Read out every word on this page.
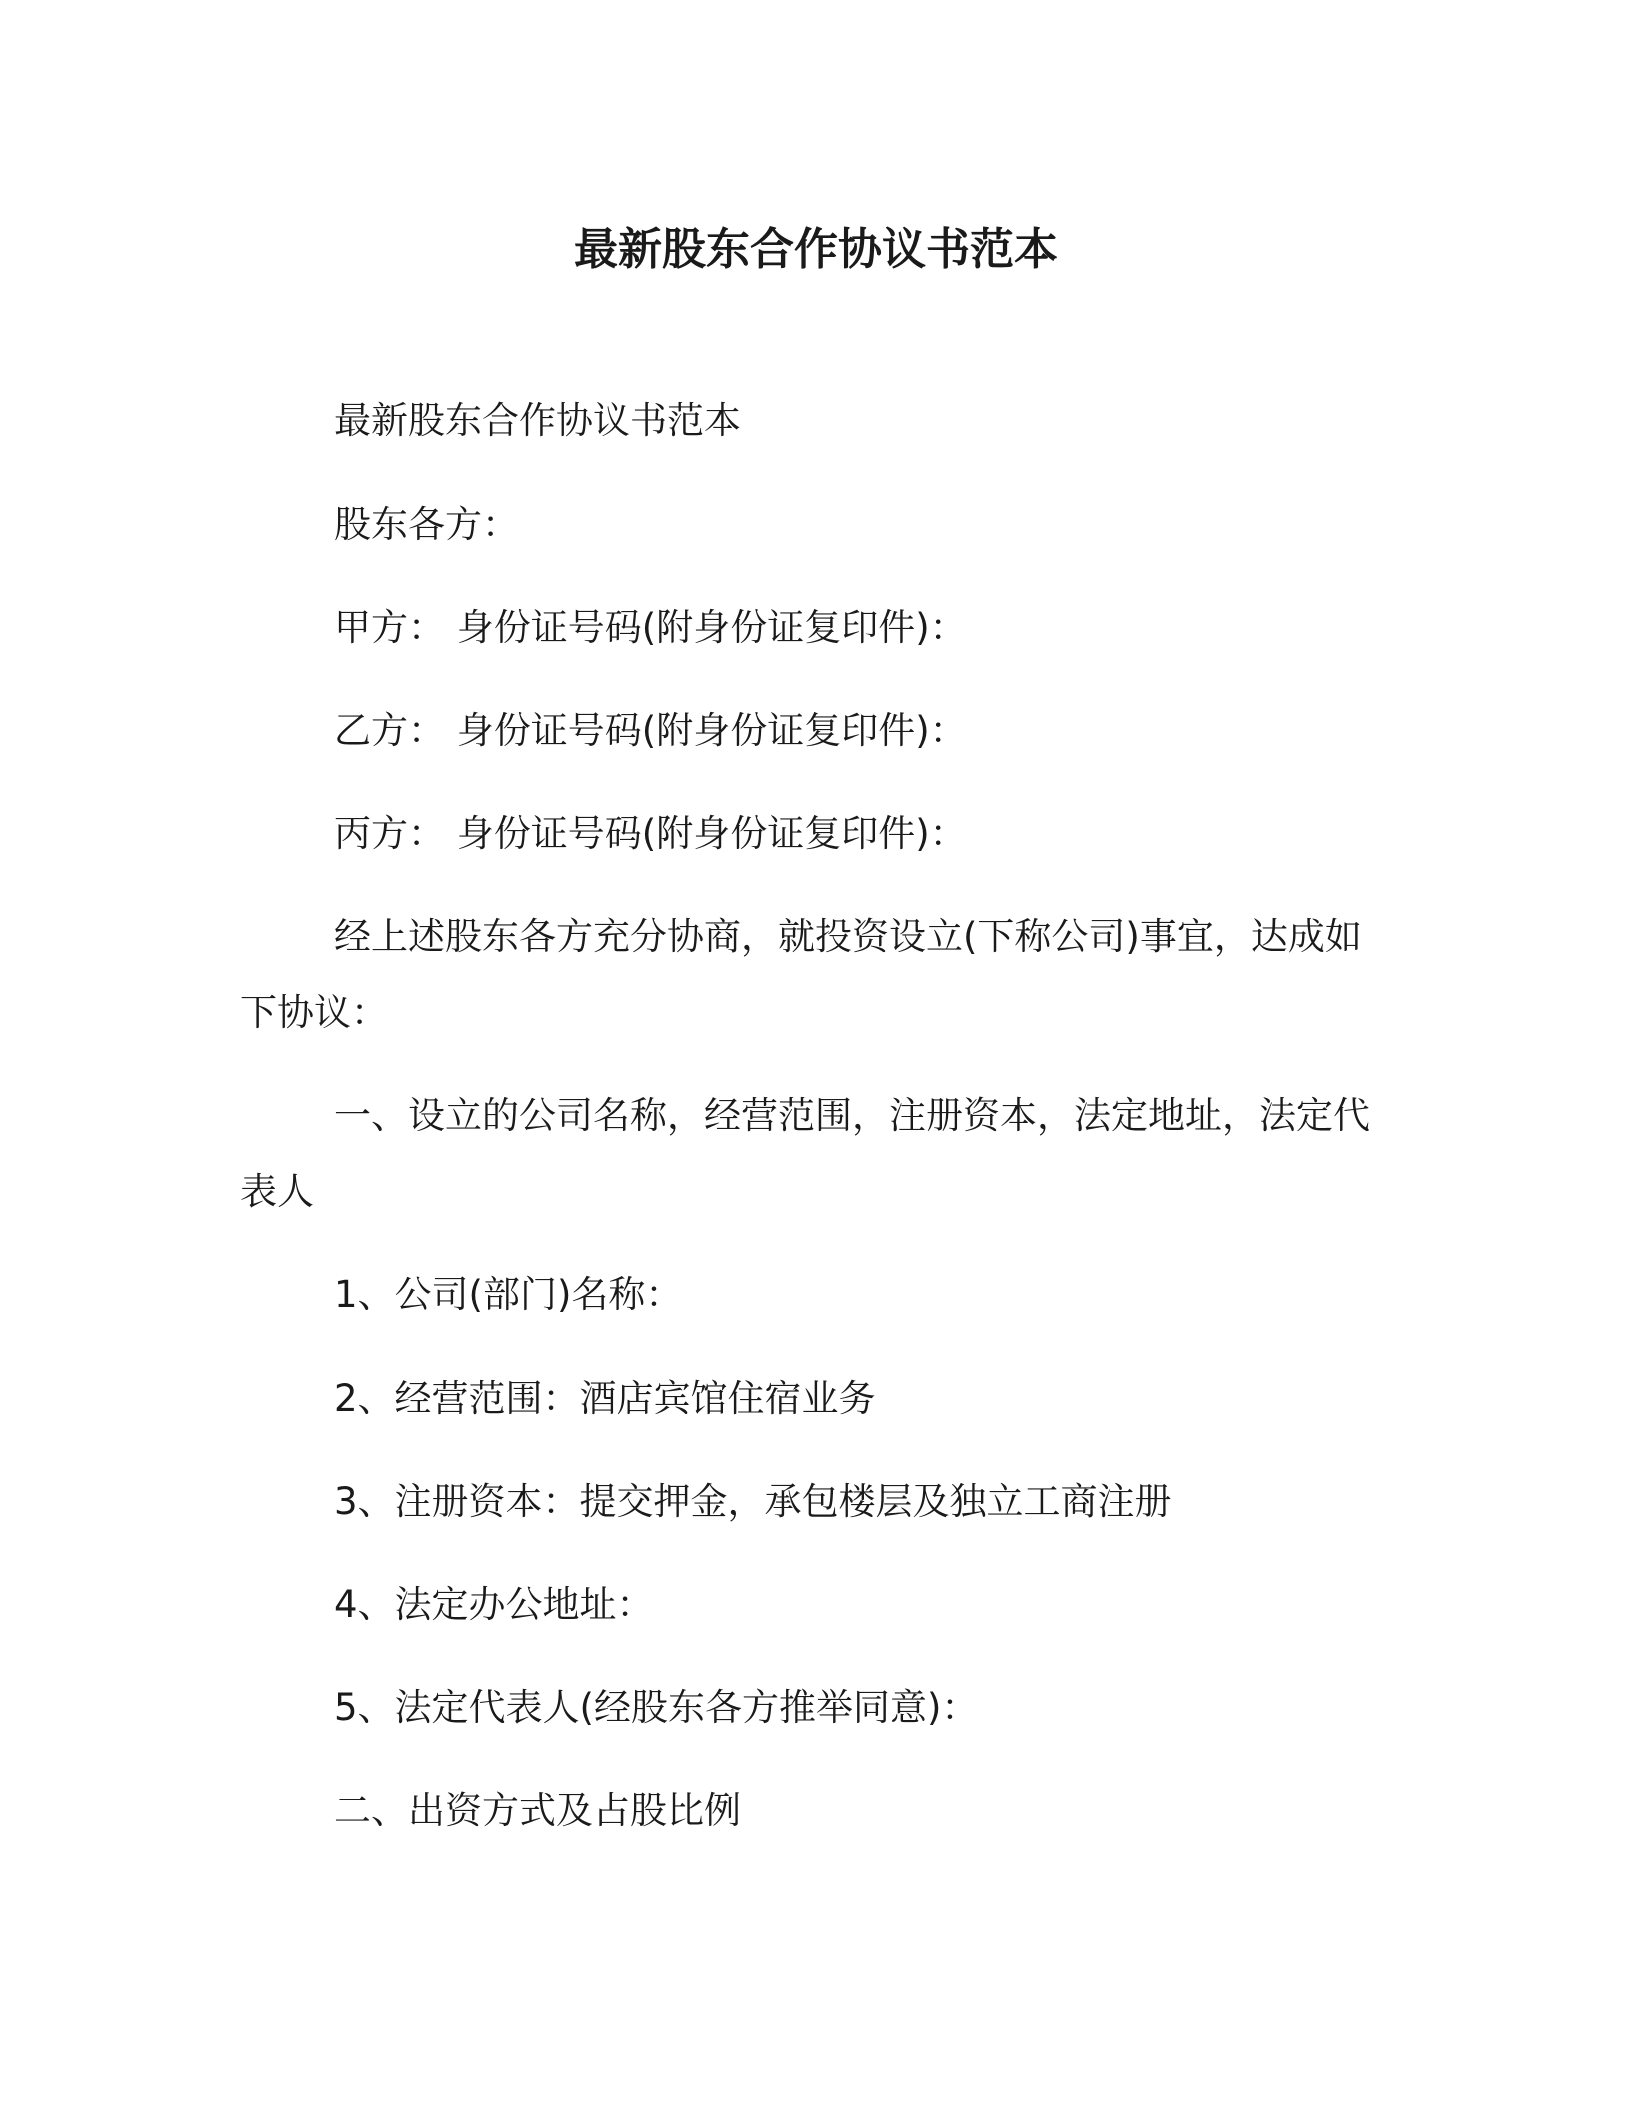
最新股东合作协议书范本

最新股东合作协议书范本

股东各方：

甲方： 身份证号码(附身份证复印件)：

乙方： 身份证号码(附身份证复印件)：

丙方： 身份证号码(附身份证复印件)：

经上述股东各方充分协商，就投资设立(下称公司)事宜，达成如

下协议：

一、设立的公司名称，经营范围，注册资本，法定地址，法定代

表人

1、公司(部门)名称：

2、经营范围：酒店宾馆住宿业务

3、注册资本：提交押金，承包楼层及独立工商注册

4、法定办公地址：

5、法定代表人(经股东各方推举同意)：

二、出资方式及占股比例
